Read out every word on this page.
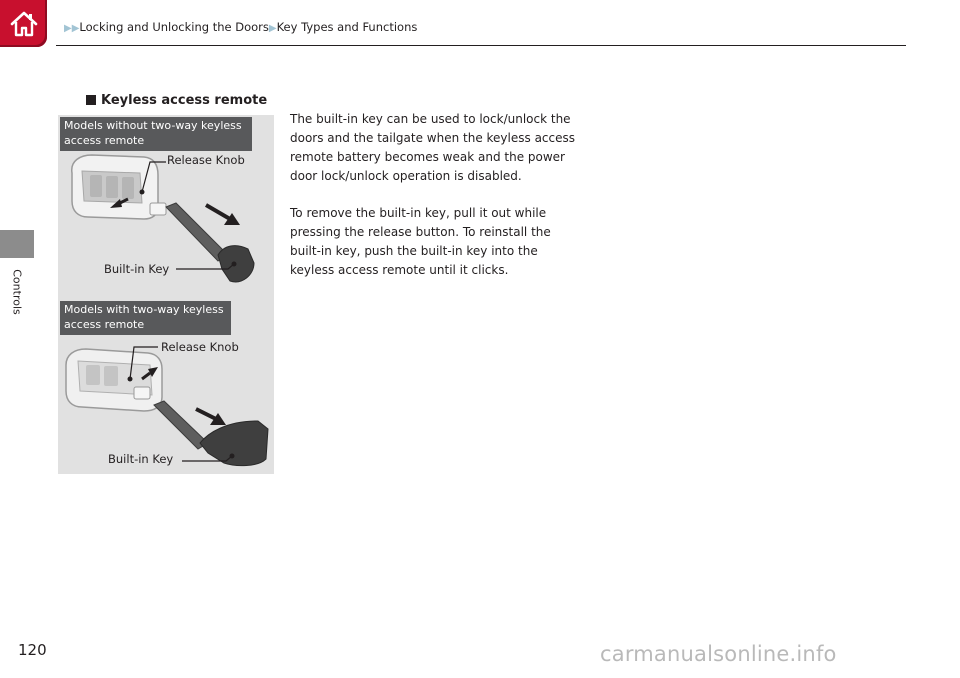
▶▶Locking and Unlocking the Doors▶Key Types and Functions
Controls
Keyless access remote
Models without two-way keyless
access remote
Release Knob
Built-in Key
Models with two-way keyless
access remote
Release Knob
Built-in Key
The built-in key can be used to lock/unlock the doors and the tailgate when the keyless access remote battery becomes weak and the power door lock/unlock operation is disabled.
To remove the built-in key, pull it out while pressing the release button. To reinstall the built-in key, push the built-in key into the keyless access remote until it clicks.
120	carmanualsonline.info
